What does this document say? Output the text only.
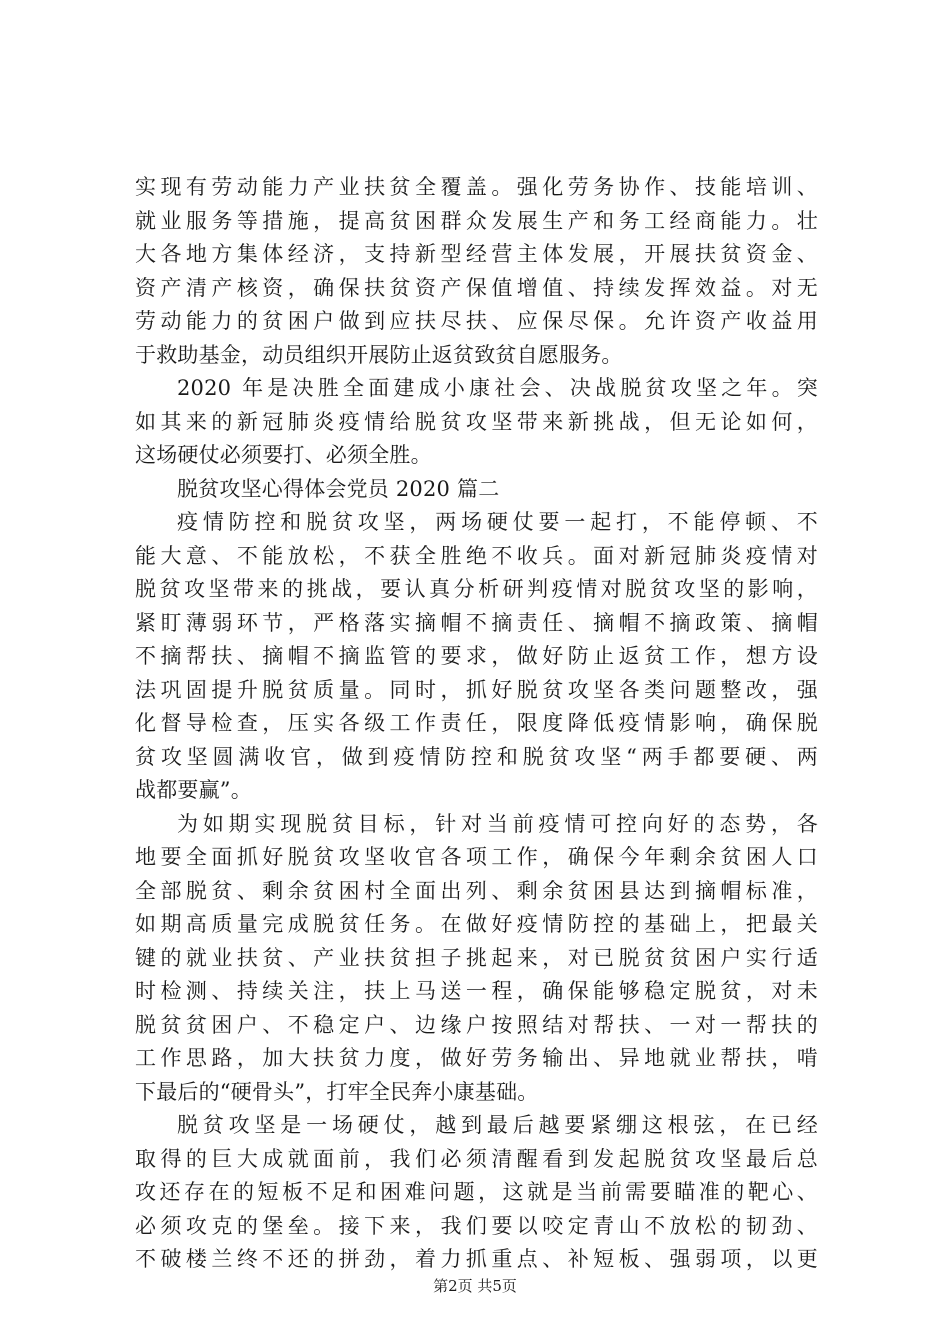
实现有劳动能力产业扶贫全覆盖。强化劳务协作、技能培训、
就业服务等措施，提高贫困群众发展生产和务工经商能力。壮
大各地方集体经济，支持新型经营主体发展，开展扶贫资金、
资产清产核资，确保扶贫资产保值增值、持续发挥效益。对无
劳动能力的贫困户做到应扶尽扶、应保尽保。允许资产收益用
于救助基金，动员组织开展防止返贫致贫自愿服务。
2020 年是决胜全面建成小康社会、决战脱贫攻坚之年。突
如其来的新冠肺炎疫情给脱贫攻坚带来新挑战，但无论如何，
这场硬仗必须要打、必须全胜。
脱贫攻坚心得体会党员 2020 篇二
疫情防控和脱贫攻坚，两场硬仗要一起打，不能停顿、不
能大意、不能放松，不获全胜绝不收兵。面对新冠肺炎疫情对
脱贫攻坚带来的挑战，要认真分析研判疫情对脱贫攻坚的影响，
紧盯薄弱环节，严格落实摘帽不摘责任、摘帽不摘政策、摘帽
不摘帮扶、摘帽不摘监管的要求，做好防止返贫工作，想方设
法巩固提升脱贫质量。同时，抓好脱贫攻坚各类问题整改，强
化督导检查，压实各级工作责任，限度降低疫情影响，确保脱
贫攻坚圆满收官，做到疫情防控和脱贫攻坚“两手都要硬、两
战都要赢”。
为如期实现脱贫目标，针对当前疫情可控向好的态势，各
地要全面抓好脱贫攻坚收官各项工作，确保今年剩余贫困人口
全部脱贫、剩余贫困村全面出列、剩余贫困县达到摘帽标准，
如期高质量完成脱贫任务。在做好疫情防控的基础上，把最关
键的就业扶贫、产业扶贫担子挑起来，对已脱贫贫困户实行适
时检测、持续关注，扶上马送一程，确保能够稳定脱贫，对未
脱贫贫困户、不稳定户、边缘户按照结对帮扶、一对一帮扶的
工作思路，加大扶贫力度，做好劳务输出、异地就业帮扶，啃
下最后的“硬骨头”，打牢全民奔小康基础。
脱贫攻坚是一场硬仗，越到最后越要紧绷这根弦，在已经
取得的巨大成就面前，我们必须清醒看到发起脱贫攻坚最后总
攻还存在的短板不足和困难问题，这就是当前需要瞄准的靶心、
必须攻克的堡垒。接下来，我们要以咬定青山不放松的韧劲、
不破楼兰终不还的拼劲，着力抓重点、补短板、强弱项，以更
第2页 共5页
